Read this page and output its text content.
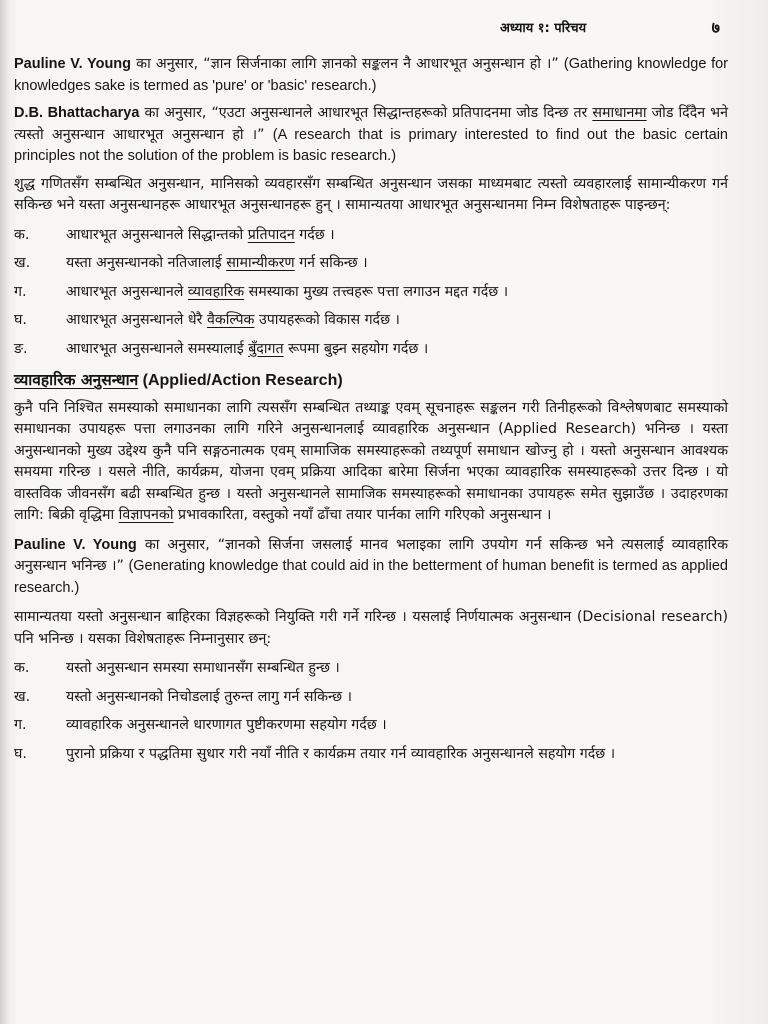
अध्याय १: परिचय	७

Pauline V. Young का अनुसार, “ज्ञान सिर्जनाका लागि ज्ञानको सङ्कलन नै आधारभूत अनुसन्धान हो ।” (Gathering knowledge for knowledges sake is termed as 'pure' or 'basic' research.)

D.B. Bhattacharya का अनुसार, “एउटा अनुसन्धानले आधारभूत सिद्धान्तहरूको प्रतिपादनमा जोड दिन्छ तर समाधानमा जोड दिँदैन भने त्यस्तो अनुसन्धान आधारभूत अनुसन्धान हो ।” (A research that is primary interested to find out the basic certain principles not the solution of the problem is basic research.)

शुद्ध गणितसँग सम्बन्धित अनुसन्धान, मानिसको व्यवहारसँग सम्बन्धित अनुसन्धान जसका माध्यमबाट त्यस्तो व्यवहारलाई सामान्यीकरण गर्न सकिन्छ भने यस्ता अनुसन्धानहरू आधारभूत अनुसन्धानहरू हुन् । सामान्यतया आधारभूत अनुसन्धानमा निम्न विशेषताहरू पाइन्छन्:

क.	आधारभूत अनुसन्धानले सिद्धान्तको प्रतिपादन गर्दछ ।
ख.	यस्ता अनुसन्धानको नतिजालाई सामान्यीकरण गर्न सकिन्छ ।
ग.	आधारभूत अनुसन्धानले व्यावहारिक समस्याका मुख्य तत्त्वहरू पत्ता लगाउन मद्दत गर्दछ ।
घ.	आधारभूत अनुसन्धानले धेरै वैकल्पिक उपायहरूको विकास गर्दछ ।
ङ.	आधारभूत अनुसन्धानले समस्यालाई बुँदागत रूपमा बुझ्न सहयोग गर्दछ ।
व्यावहारिक अनुसन्धान (Applied/Action Research)

कुनै पनि निश्चित समस्याको समाधानका लागि त्यससँग सम्बन्धित तथ्याङ्क एवम् सूचनाहरू सङ्कलन गरी तिनीहरूको विश्लेषणबाट समस्याको समाधानका उपायहरू पत्ता लगाउनका लागि गरिने अनुसन्धानलाई व्यावहारिक अनुसन्धान (Applied Research) भनिन्छ । यस्ता अनुसन्धानको मुख्य उद्देश्य कुनै पनि सङ्गठनात्मक एवम् सामाजिक समस्याहरूको तथ्यपूर्ण समाधान खोज्नु हो । यस्तो अनुसन्धान आवश्यक समयमा गरिन्छ । यसले नीति, कार्यक्रम, योजना एवम् प्रक्रिया आदिका बारेमा सिर्जना भएका व्यावहारिक समस्याहरूको उत्तर दिन्छ । यो वास्तविक जीवनसँग बढी सम्बन्धित हुन्छ । यस्तो अनुसन्धानले सामाजिक समस्याहरूको समाधानका उपायहरू समेत सुझाउँछ । उदाहरणका लागि: बिक्री वृद्धिमा विज्ञापनको प्रभावकारिता, वस्तुको नयाँ ढाँचा तयार पार्नका लागि गरिएको अनुसन्धान ।

Pauline V. Young का अनुसार, “ज्ञानको सिर्जना जसलाई मानव भलाइका लागि उपयोग गर्न सकिन्छ भने त्यसलाई व्यावहारिक अनुसन्धान भनिन्छ ।” (Generating knowledge that could aid in the betterment of human benefit is termed as applied research.)

सामान्यतया यस्तो अनुसन्धान बाहिरका विज्ञहरूको नियुक्ति गरी गर्ने गरिन्छ । यसलाई निर्णयात्मक अनुसन्धान (Decisional research) पनि भनिन्छ । यसका विशेषताहरू निम्नानुसार छन्:

क.	यस्तो अनुसन्धान समस्या समाधानसँग सम्बन्धित हुन्छ ।
ख.	यस्तो अनुसन्धानको निचोडलाई तुरुन्त लागु गर्न सकिन्छ ।
ग.	व्यावहारिक अनुसन्धानले धारणागत पुष्टीकरणमा सहयोग गर्दछ ।
घ.	पुरानो प्रक्रिया र पद्धतिमा सुधार गरी नयाँ नीति र कार्यक्रम तयार गर्न व्यावहारिक अनुसन्धानले सहयोग गर्दछ ।
